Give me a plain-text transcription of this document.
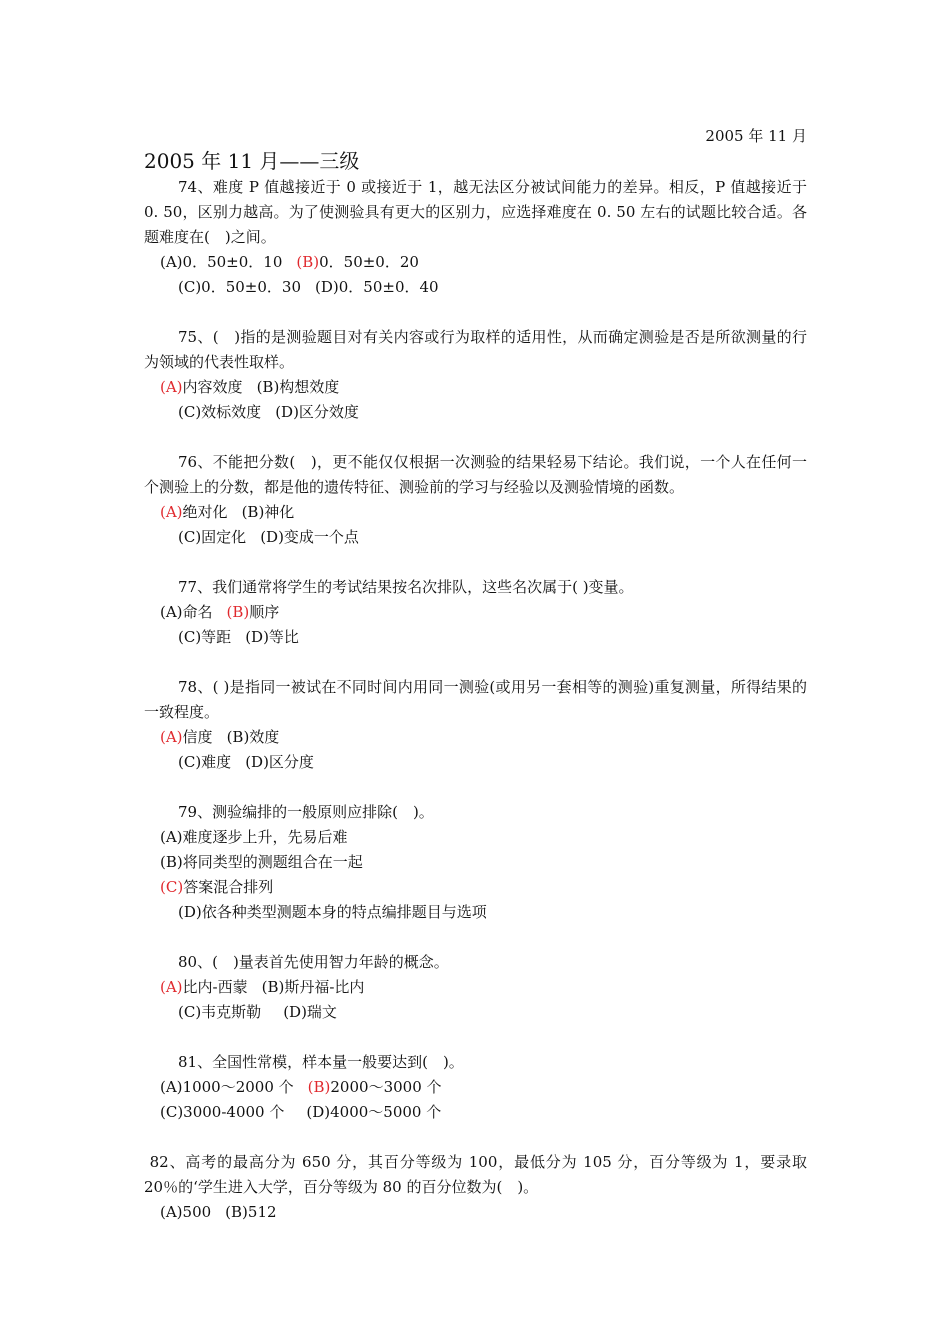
2005 年 11 月
2005 年 11 月——三级
74、难度 P 值越接近于 0 或接近于 1，越无法区分被试间能力的差异。相反，P 值越接近于 0. 50，区别力越高。为了使测验具有更大的区别力，应选择难度在 0. 50 左右的试题比较合适。各题难度在(　)之间。
(A)0．50±0．10 (B)0．50±0．20
(C)0．50±0．30 (D)0．50±0．40
75、(　)指的是测验题目对有关内容或行为取样的适用性，从而确定测验是否是所欲测量的行为领域的代表性取样。
(A)内容效度 (B)构想效度
(C)效标效度 (D)区分效度
76、不能把分数(　)，更不能仅仅根据一次测验的结果轻易下结论。我们说，一个人在任何一个测验上的分数，都是他的遗传特征、测验前的学习与经验以及测验情境的函数。
(A)绝对化 (B)神化
(C)固定化 (D)变成一个点
77、我们通常将学生的考试结果按名次排队，这些名次属于( )变量。
(A)命名 (B)顺序
(C)等距 (D)等比
78、( )是指同一被试在不同时间内用同一测验(或用另一套相等的测验)重复测量，所得结果的一致程度。
(A)信度 (B)效度
(C)难度 (D)区分度
79、测验编排的一般原则应排除(　)。
(A)难度逐步上升，先易后难
(B)将同类型的测题组合在一起
(C)答案混合排列
(D)依各种类型测题本身的特点编排题目与选项
80、(　)量表首先使用智力年龄的概念。
(A)比内-西蒙 (B)斯丹福-比内
(C)韦克斯勒 (D)瑞文
81、全国性常模，样本量一般要达到(　)。
(A)1000～2000 个 (B)2000～3000 个
(C)3000-4000 个 (D)4000～5000 个
82、高考的最高分为 650 分，其百分等级为 100，最低分为 105 分，百分等级为 1，要录取 20％的‘学生进入大学，百分等级为 80 的百分位数为(　)。
(A)500 (B)512
